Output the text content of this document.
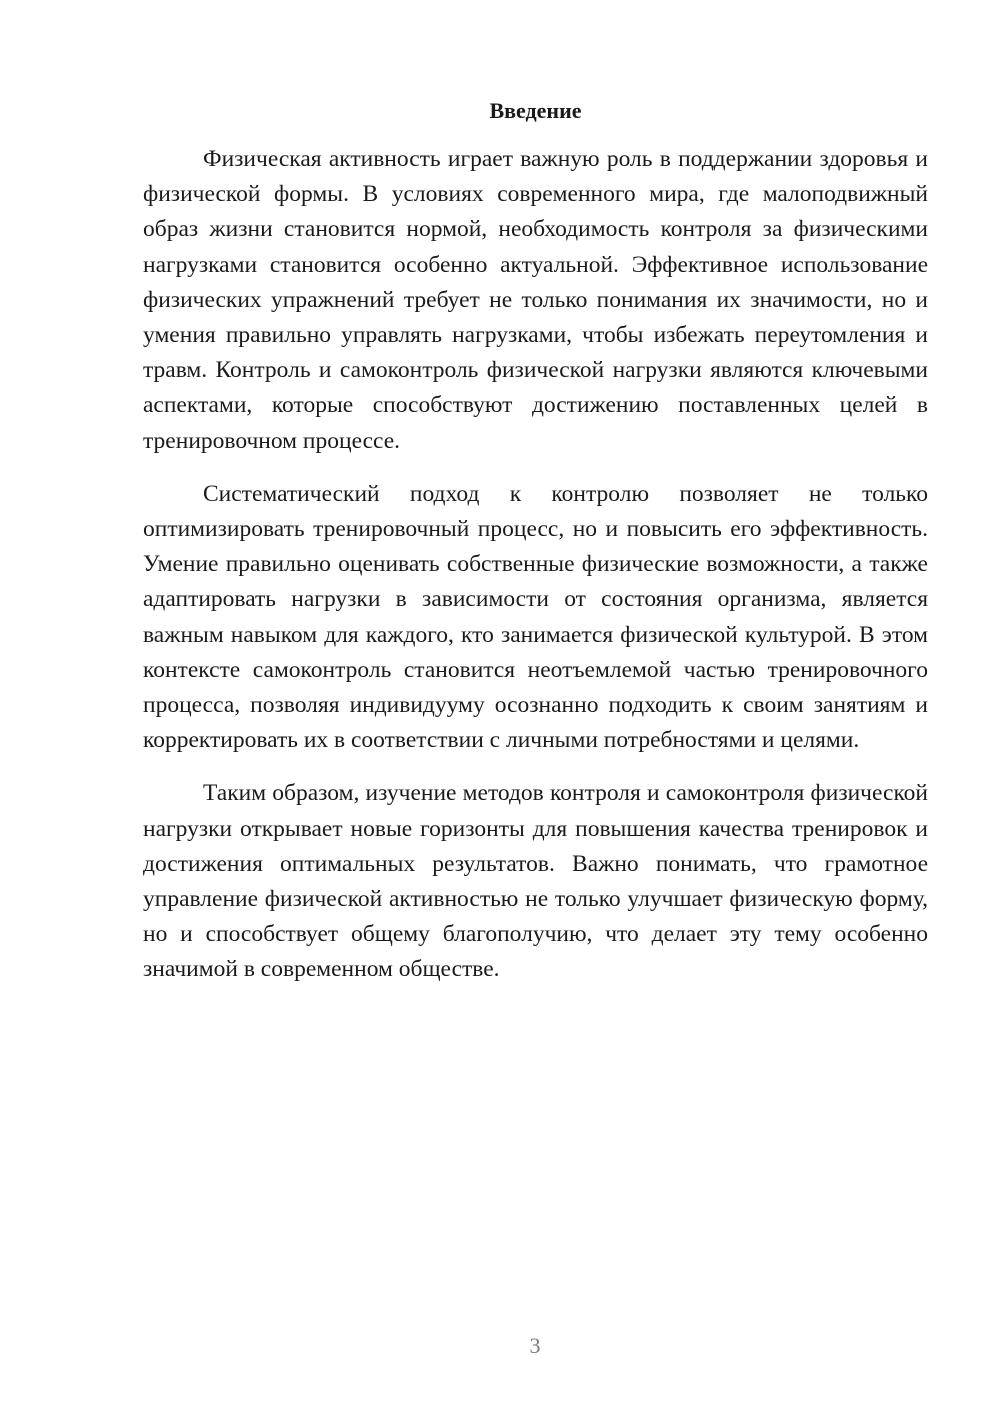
Введение

Физическая активность играет важную роль в поддержании здоровья и физической формы. В условиях современного мира, где малоподвижный образ жизни становится нормой, необходимость контроля за физическими нагрузками становится особенно актуальной. Эффективное использование физических упражнений требует не только понимания их значимости, но и умения правильно управлять нагрузками, чтобы избежать переутомления и травм. Контроль и самоконтроль физической нагрузки являются ключевыми аспектами, которые способствуют достижению поставленных целей в тренировочном процессе.

Систематический подход к контролю позволяет не только оптимизировать тренировочный процесс, но и повысить его эффективность. Умение правильно оценивать собственные физические возможности, а также адаптировать нагрузки в зависимости от состояния организма, является важным навыком для каждого, кто занимается физической культурой. В этом контексте самоконтроль становится неотъемлемой частью тренировочного процесса, позволяя индивидууму осознанно подходить к своим занятиям и корректировать их в соответствии с личными потребностями и целями.

Таким образом, изучение методов контроля и самоконтроля физической нагрузки открывает новые горизонты для повышения качества тренировок и достижения оптимальных результатов. Важно понимать, что грамотное управление физической активностью не только улучшает физическую форму, но и способствует общему благополучию, что делает эту тему особенно значимой в современном обществе.

3
